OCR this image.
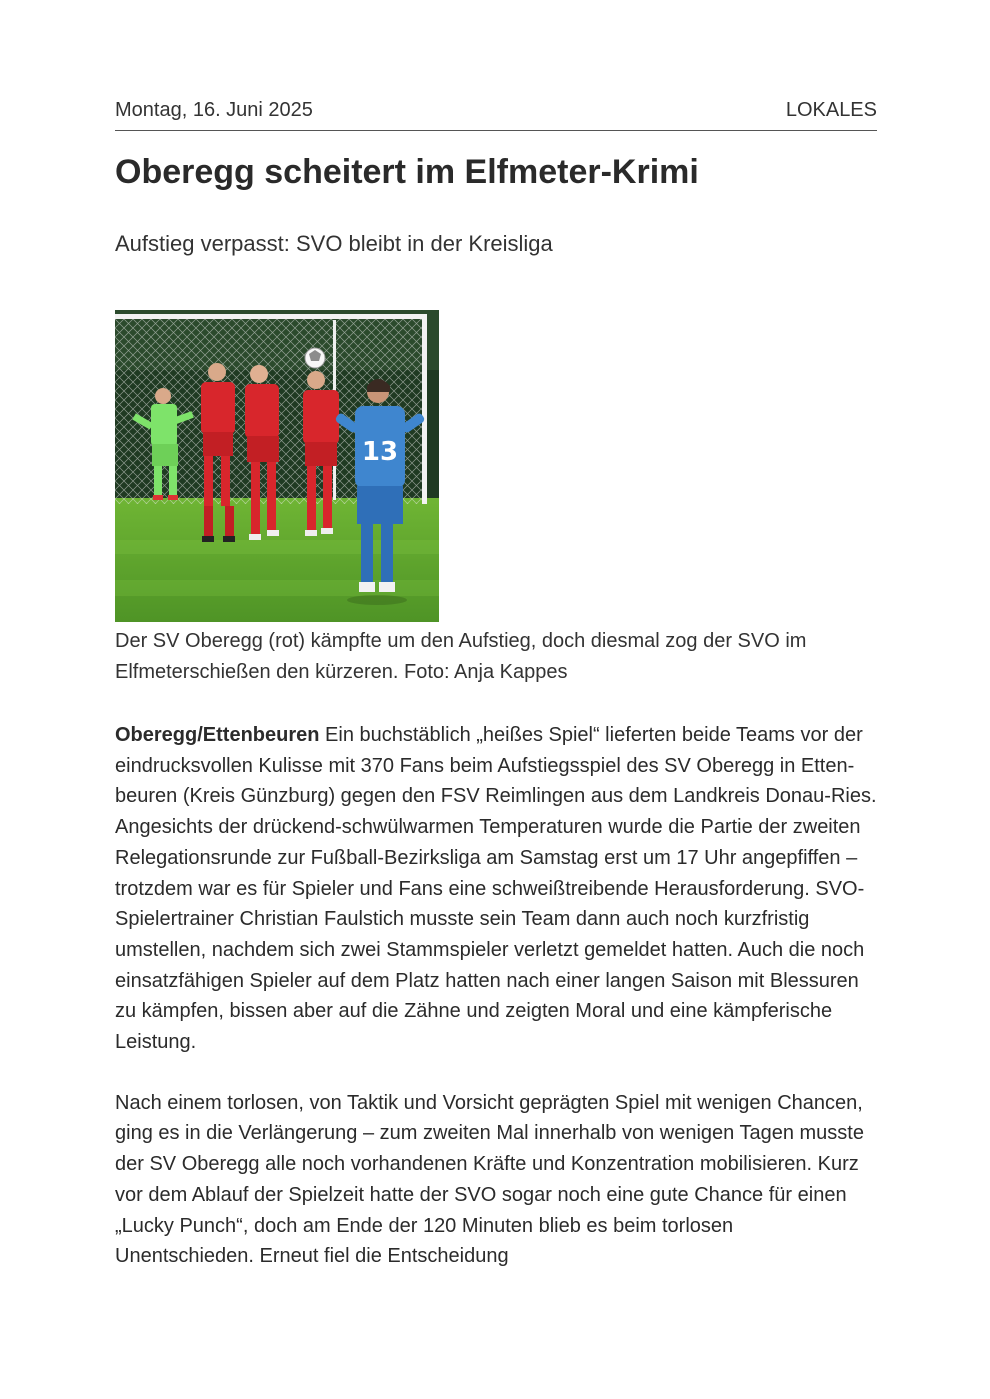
Montag, 16. Juni 2025	LOKALES
Oberegg scheitert im Elfmeter-Krimi

Aufstieg verpasst: SVO bleibt in der Kreisliga

13

Der SV Oberegg (rot) kämpfte um den Aufstieg, doch diesmal zog der SVO im Elfmeterschießen den kürzeren. Foto: Anja Kappes

Oberegg/Ettenbeuren Ein buchstäblich „heißes Spiel“ lieferten beide Teams vor der eindrucksvollen Kulisse mit 370 Fans beim Aufstiegsspiel des SV Oberegg in Etten- beuren (Kreis Günzburg) gegen den FSV Reimlingen aus dem Landkreis Donau-Ries. Angesichts der drückend-schwülwarmen Temperaturen wurde die Partie der zweiten Relegationsrunde zur Fußball-Bezirksliga am Samstag erst um 17 Uhr angepfiffen – trotzdem war es für Spieler und Fans eine schweißtreibende Herausforderung. SVO-Spielertrainer Christian Faulstich musste sein Team dann auch noch kurzfristig umstellen, nachdem sich zwei Stammspieler verletzt gemeldet hatten. Auch die noch einsatzfähigen Spieler auf dem Platz hatten nach einer langen Saison mit Blessuren zu kämpfen, bissen aber auf die Zähne und zeigten Moral und eine kämpferische Leistung.

Nach einem torlosen, von Taktik und Vorsicht geprägten Spiel mit wenigen Chancen, ging es in die Verlängerung – zum zweiten Mal innerhalb von wenigen Tagen musste der SV Oberegg alle noch vorhandenen Kräfte und Konzentration mobilisieren. Kurz vor dem Ablauf der Spielzeit hatte der SVO sogar noch eine gute Chance für einen „Lucky Punch“, doch am Ende der 120 Minuten blieb es beim torlosen Unentschieden. Erneut fiel die Entscheidung
